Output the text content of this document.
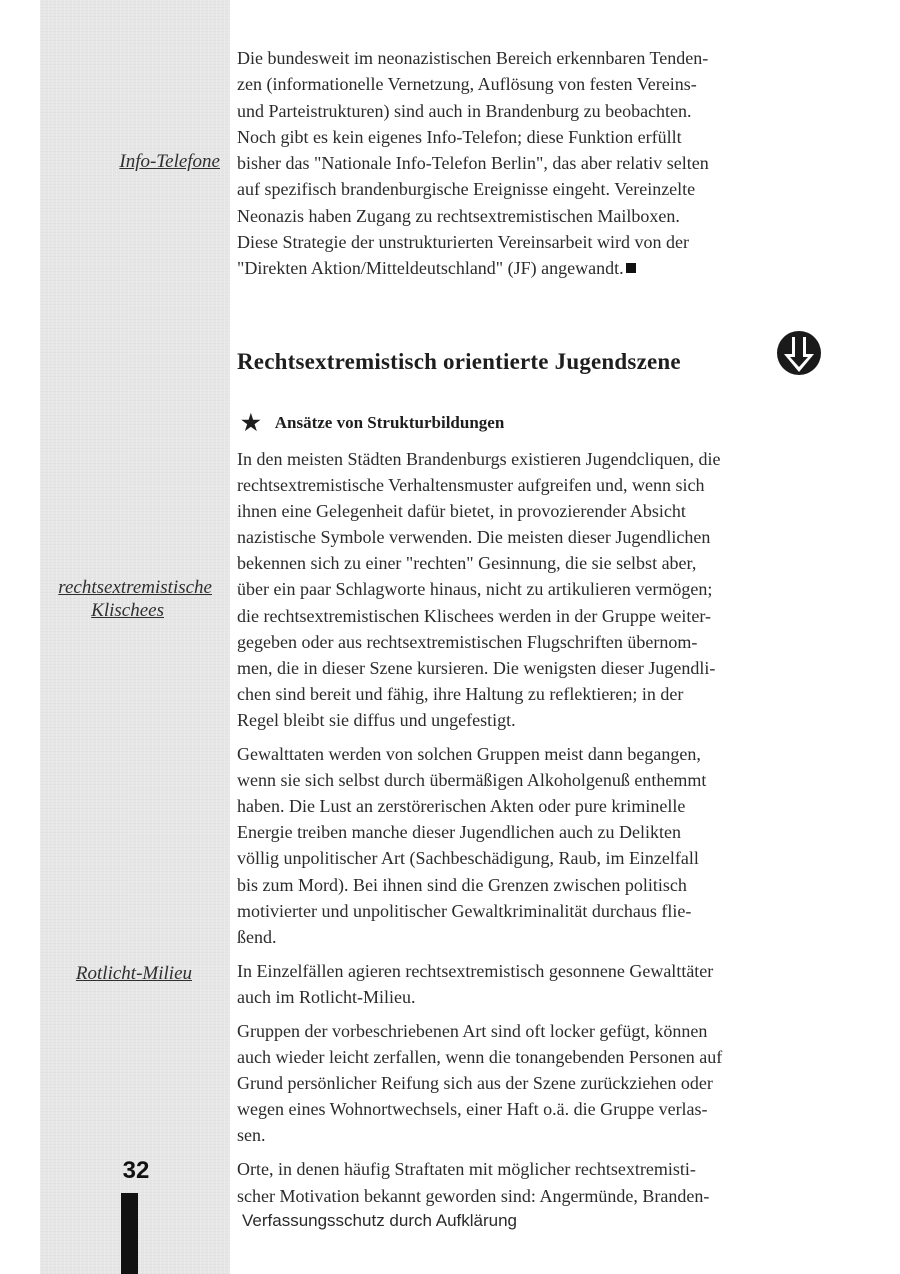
Info-Telefone
rechtsextremistische
Klischees
Rotlicht-Milieu
32

Die bundesweit im neonazistischen Bereich erkennbaren Tenden-
zen (informationelle Vernetzung, Auflösung von festen Vereins-
und Parteistrukturen) sind auch in Brandenburg zu beobachten.
Noch gibt es kein eigenes Info-Telefon; diese Funktion erfüllt
bisher das "Nationale Info-Telefon Berlin", das aber relativ selten
auf spezifisch brandenburgische Ereignisse eingeht. Vereinzelte
Neonazis haben Zugang zu rechtsextremistischen Mailboxen.
Diese Strategie der unstrukturierten Vereinsarbeit wird von der
"Direkten Aktion/Mitteldeutschland" (JF) angewandt.

Rechtsextremistisch orientierte Jugendszene
★ Ansätze von Strukturbildungen

In den meisten Städten Brandenburgs existieren Jugendcliquen, die
rechtsextremistische Verhaltensmuster aufgreifen und, wenn sich
ihnen eine Gelegenheit dafür bietet, in provozierender Absicht
nazistische Symbole verwenden. Die meisten dieser Jugendlichen
bekennen sich zu einer "rechten" Gesinnung, die sie selbst aber,
über ein paar Schlagworte hinaus, nicht zu artikulieren vermögen;
die rechtsextremistischen Klischees werden in der Gruppe weiter-
gegeben oder aus rechtsextremistischen Flugschriften übernom-
men, die in dieser Szene kursieren. Die wenigsten dieser Jugendli-
chen sind bereit und fähig, ihre Haltung zu reflektieren; in der
Regel bleibt sie diffus und ungefestigt.

Gewalttaten werden von solchen Gruppen meist dann begangen,
wenn sie sich selbst durch übermäßigen Alkoholgenuß enthemmt
haben. Die Lust an zerstörerischen Akten oder pure kriminelle
Energie treiben manche dieser Jugendlichen auch zu Delikten
völlig unpolitischer Art (Sachbeschädigung, Raub, im Einzelfall
bis zum Mord). Bei ihnen sind die Grenzen zwischen politisch
motivierter und unpolitischer Gewaltkriminalität durchaus flie-
ßend.

In Einzelfällen agieren rechtsextremistisch gesonnene Gewalttäter
auch im Rotlicht-Milieu.

Gruppen der vorbeschriebenen Art sind oft locker gefügt, können
auch wieder leicht zerfallen, wenn die tonangebenden Personen auf
Grund persönlicher Reifung sich aus der Szene zurückziehen oder
wegen eines Wohnortwechsels, einer Haft o.ä. die Gruppe verlas-
sen.

Orte, in denen häufig Straftaten mit möglicher rechtsextremisti-
scher Motivation bekannt geworden sind: Angermünde, Branden-

Verfassungsschutz durch Aufklärung
